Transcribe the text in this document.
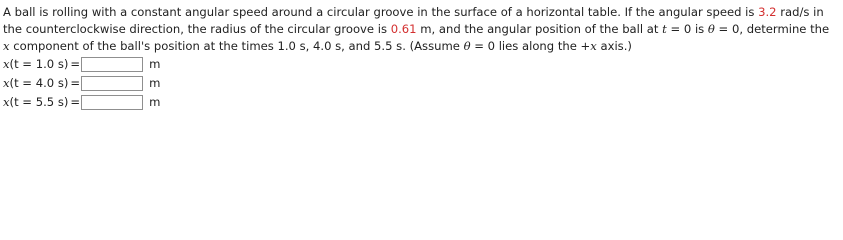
A ball is rolling with a constant angular speed around a circular groove in the surface of a horizontal table. If the angular speed is 3.2 rad/s in the counterclockwise direction, the radius of the circular groove is 0.61 m, and the angular position of the ball at t = 0 is θ = 0, determine the x component of the ball's position at the times 1.0 s, 4.0 s, and 5.5 s. (Assume θ = 0 lies along the +x axis.)

x(t = 1.0 s) =	m
x(t = 4.0 s) =	m
x(t = 5.5 s) =	m
